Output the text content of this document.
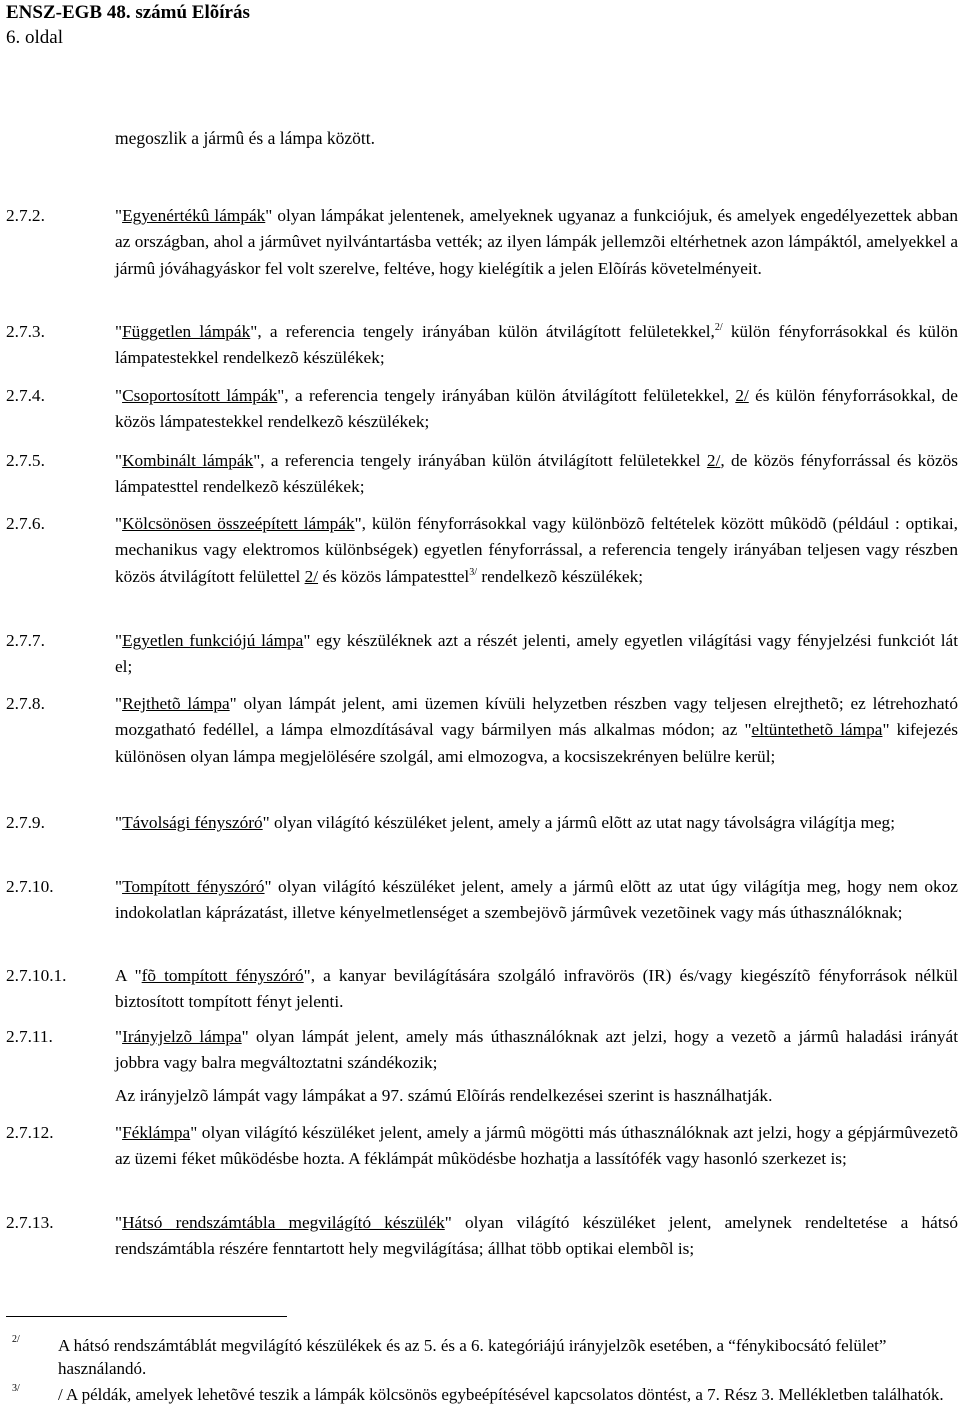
ENSZ-EGB 48. számú Elõírás
6. oldal
megoszlik a jármû és a lámpa között.
2.7.2.	"Egyenértékû lámpák" olyan lámpákat jelentenek, amelyeknek ugyanaz a funkciójuk, és amelyek engedélyezettek abban az országban, ahol a jármûvet nyilvántartásba vették; az ilyen lámpák jellemzõi eltérhetnek azon lámpáktól, amelyekkel a jármû jóváhagyáskor fel volt szerelve, feltéve, hogy kielégítik a jelen Elõírás követelményeit.
2.7.3.	"Független lámpák", a referencia tengely irányában külön átvilágított felületekkel,$^{2/}$ külön fényforrásokkal és külön lámpatestekkel rendelkezõ készülékek;
2.7.4.	"Csoportosított lámpák", a referencia tengely irányában külön átvilágított felületekkel, 2/ és külön fényforrásokkal, de közös lámpatestekkel rendelkezõ készülékek;
2.7.5.	"Kombinált lámpák", a referencia tengely irányában külön átvilágított felületekkel 2/, de közös fényforrással és közös lámpatesttel rendelkezõ készülékek;
2.7.6.	"Kölcsönösen összeépített lámpák", külön fényforrásokkal vagy különbözõ feltételek között mûködõ (például : optikai, mechanikus vagy elektromos különbségek) egyetlen fényforrással, a referencia tengely irányában teljesen vagy részben közös átvilágított felülettel 2/ és közös lámpatesttel$^{3/}$ rendelkezõ készülékek;
2.7.7.	"Egyetlen funkciójú lámpa" egy készüléknek azt a részét jelenti, amely egyetlen világítási vagy fényjelzési funkciót lát el;
2.7.8.	"Rejthetõ lámpa" olyan lámpát jelent, ami üzemen kívüli helyzetben részben vagy teljesen elrejthetõ; ez létrehozható mozgatható fedéllel, a lámpa elmozdításával vagy bármilyen más alkalmas módon; az "eltüntethetõ lámpa" kifejezés különösen olyan lámpa megjelölésére szolgál, ami elmozogva, a kocsiszekrényen belülre kerül;
2.7.9.	"Távolsági fényszóró" olyan világító készüléket jelent, amely a jármû elõtt az utat nagy távolságra világítja meg;
2.7.10.	"Tompított fényszóró" olyan világító készüléket jelent, amely a jármû elõtt az utat úgy világítja meg, hogy nem okoz indokolatlan káprázatást, illetve kényelmetlenséget a szembejövõ jármûvek vezetõinek vagy más úthasználóknak;
2.7.10.1.	A "fõ tompított fényszóró", a kanyar bevilágítására szolgáló infravörös (IR) és/vagy kiegészítõ fényforrások nélkül biztosított tompított fényt jelenti.
2.7.11.	"Irányjelzõ lámpa" olyan lámpát jelent, amely más úthasználóknak azt jelzi, hogy a vezetõ a jármû haladási irányát jobbra vagy balra megváltoztatni szándékozik;
Az irányjelzõ lámpát vagy lámpákat a 97. számú Elõírás rendelkezései szerint is használhatják.
2.7.12.	"Féklámpa" olyan világító készüléket jelent, amely a jármû mögötti más úthasználóknak azt jelzi, hogy a gépjármûvezetõ az üzemi féket mûködésbe hozta. A féklámpát mûködésbe hozhatja a lassítófék vagy hasonló szerkezet is;
2.7.13.	"Hátsó rendszámtábla megvilágító készülék" olyan világító készüléket jelent, amelynek rendeltetése a hátsó rendszámtábla részére fenntartott hely megvilágítása; állhat több optikai elembõl is;
2/ A hátsó rendszámtáblát megvilágító készülékek és az 5. és a 6. kategóriájú irányjelzõk esetében, a “fénykibocsátó felület” használandó.
3/ / A példák, amelyek lehetõvé teszik a lámpák kölcsönös egybeépítésével kapcsolatos döntést, a 7. Rész 3. Mellékletben találhatók.
